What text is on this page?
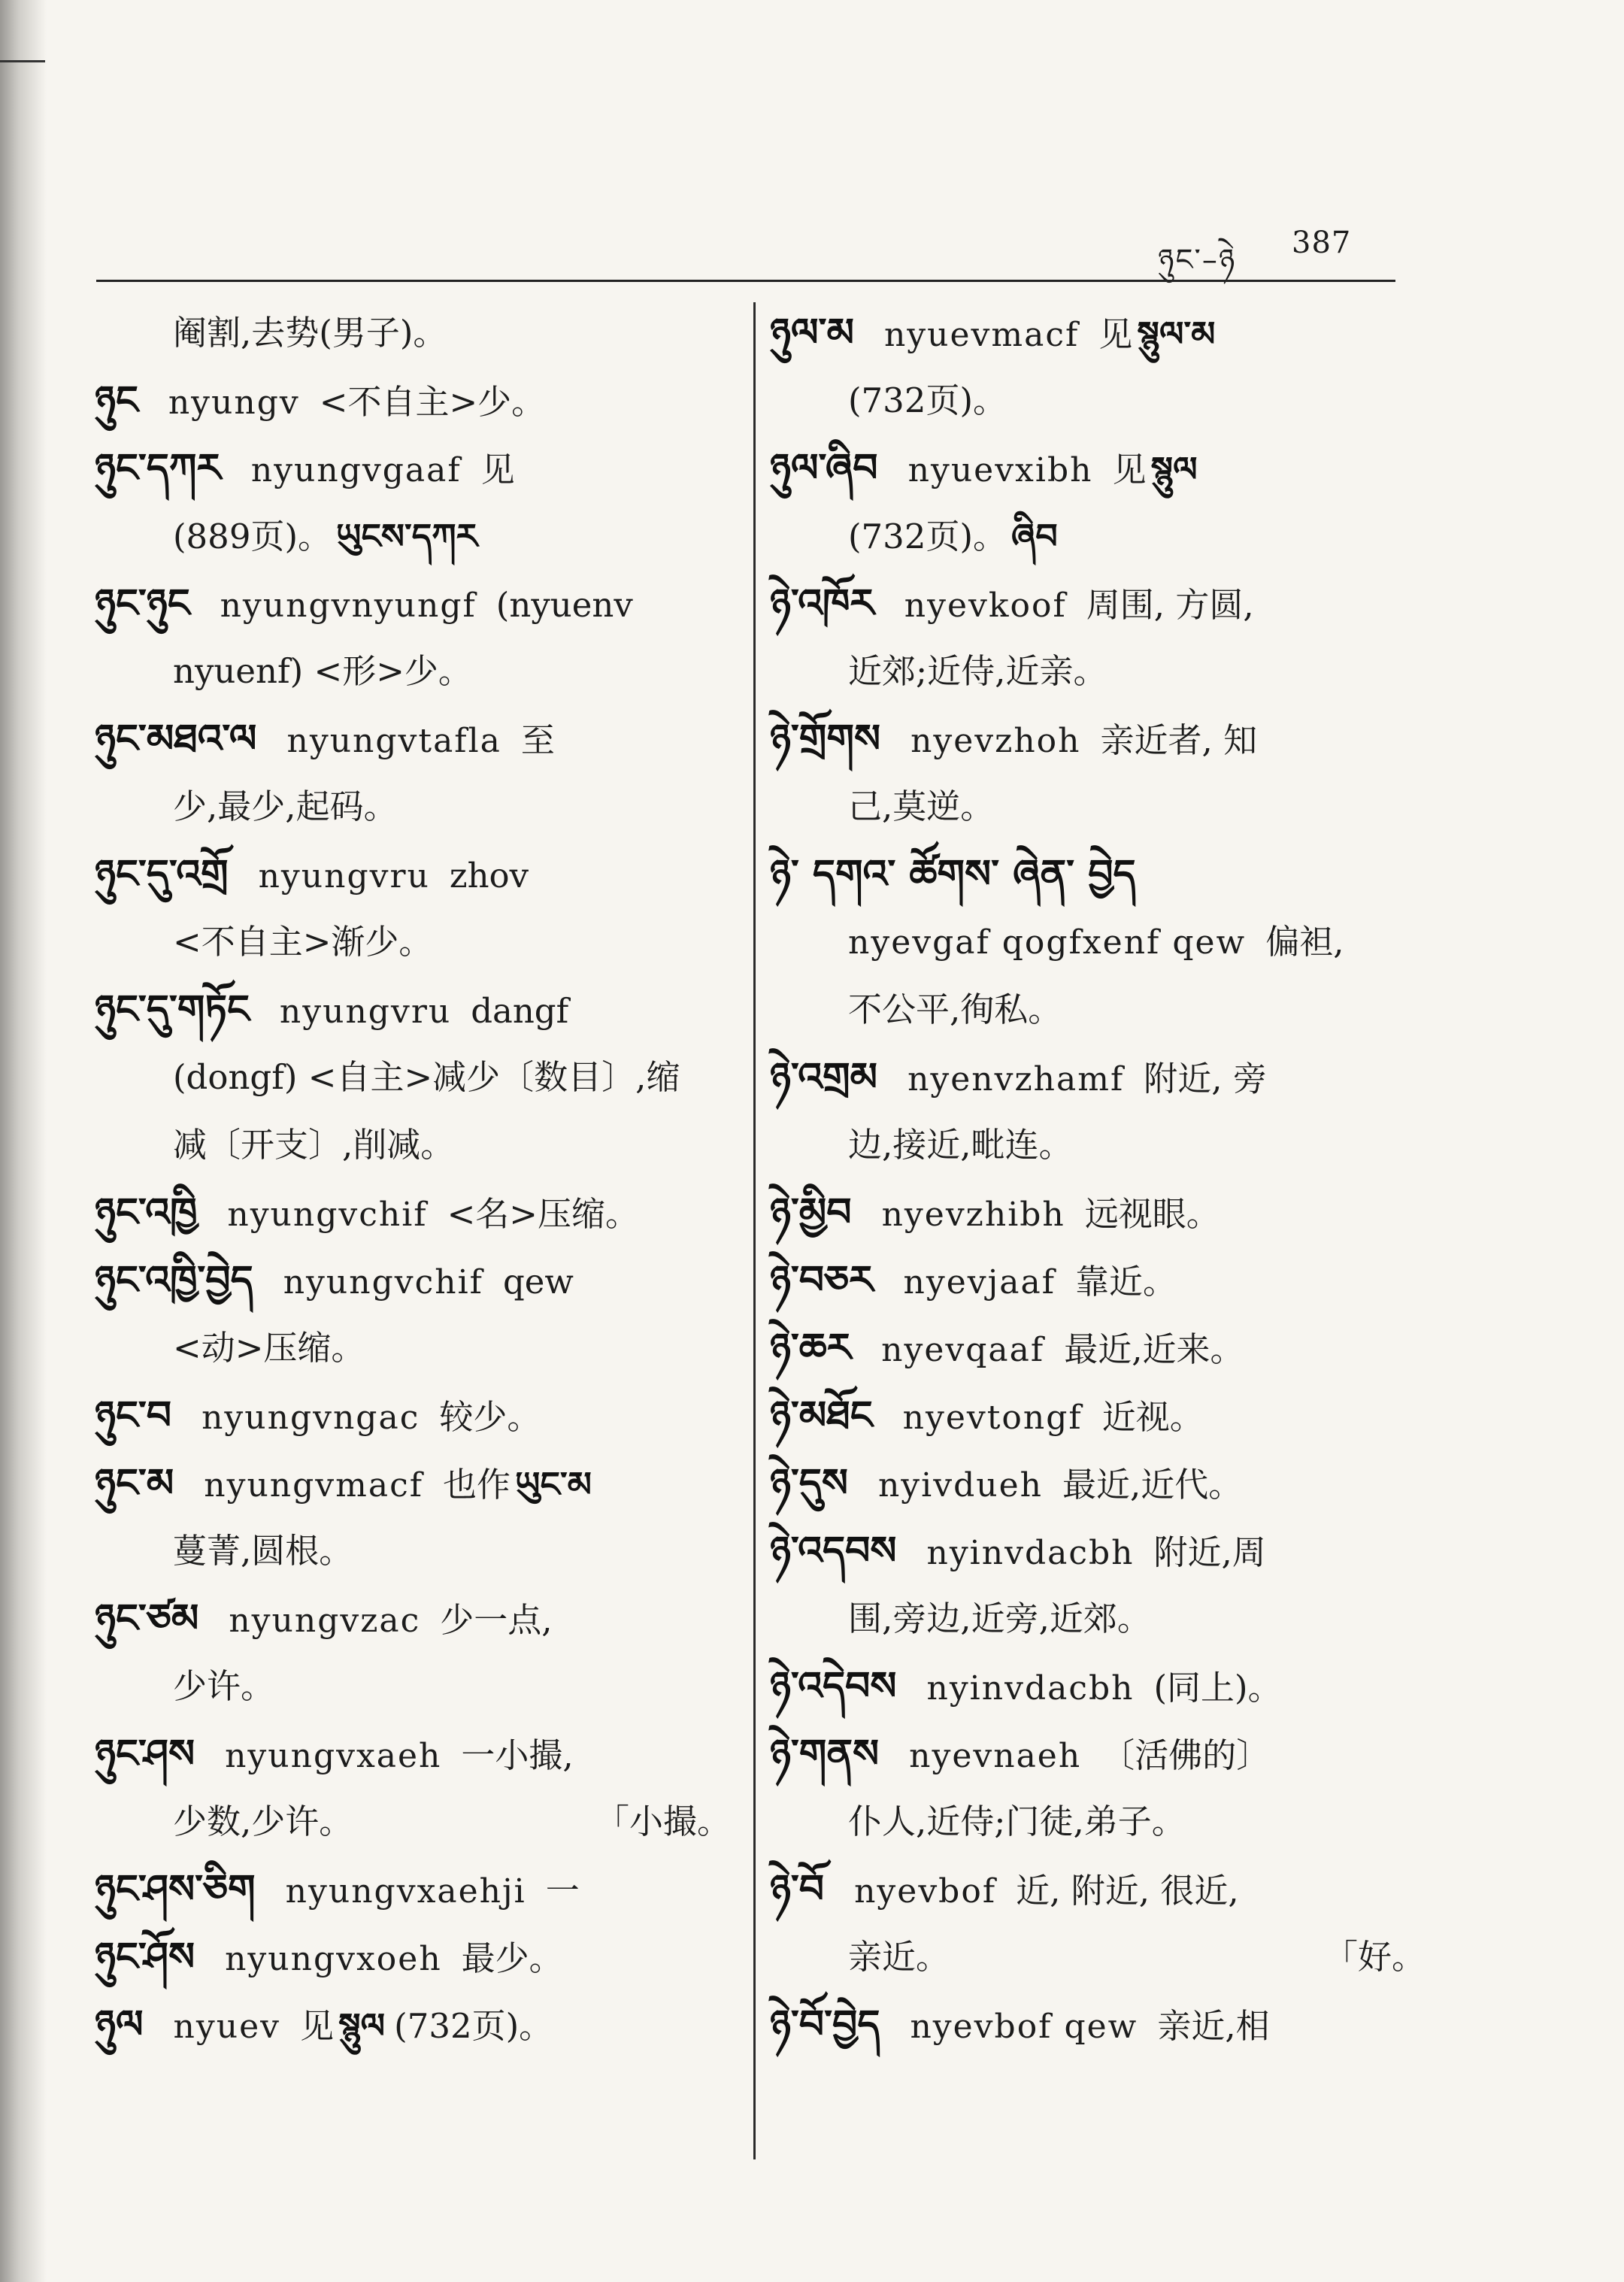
ཉུང་–ཉེ 387
阉割,去势(男子)。
ཉུང nyungv <不自主>少。
ཉུང་དཀར nyungvgaaf 见
(889页)。 ཡུངས་དཀར
ཉུང་ཉུང nyungvnyungf (nyuenv
nyuenf) <形>少。
ཉུང་མཐའ་ལ nyungvtafla 至
少,最少,起码。
ཉུང་དུ་འགྲོ nyungvru zhov
<不自主>渐少。
ཉུང་དུ་གཏོང nyungvru dangf
(dongf) <自主>减少〔数目〕,缩
减〔开支〕,削减。
ཉུང་འཁྱི nyungvchif <名>压缩。
ཉུང་འཁྱི་བྱེད nyungvchif qew
<动>压缩。
ཉུང་བ nyungvngac 较少。
ཉུང་མ nyungvmacf 也作 ཡུང་མ
蔓菁,圆根。
ཉུང་ཙམ nyungvzac 少一点,
少许。
ཉུང་ཤས nyungvxaeh 一小撮,
少数,少许。	「小撮。
ཉུང་ཤས་ཅིག nyungvxaehji 一
ཉུང་ཤོས nyungvxoeh 最少。
ཉུལ nyuev 见 སྙུལ (732页)。
ཉུལ་མ nyuevmacf 见 སྙུལ་མ
(732页)。
ཉུལ་ཞིབ nyuevxibh 见 སྙུལ
(732页)。 ཞིབ
ཉེ་འཁོར nyevkoof 周围, 方圆,
近郊;近侍,近亲。
ཉེ་གྲོགས nyevzhoh 亲近者, 知
己,莫逆。
ཉེ་ དགའ་ ཚོགས་ ཞེན་ བྱེད
nyevgaf qogfxenf qew 偏袒,
不公平,徇私。
ཉེ་འགྲམ nyenvzhamf 附近, 旁
边,接近,毗连。
ཉེ་མྱིབ nyevzhibh 远视眼。
ཉེ་བཅར nyevjaaf 靠近。
ཉེ་ཆར nyevqaaf 最近,近来。
ཉེ་མཐོང nyevtongf 近视。
ཉེ་དུས nyivdueh 最近,近代。
ཉེ་འདབས nyinvdacbh 附近,周
围,旁边,近旁,近郊。
ཉེ་འདེབས nyinvdacbh (同上)。
ཉེ་གནས nyevnaeh 〔活佛的〕
仆人,近侍;门徒,弟子。
ཉེ་བོ nyevbof 近, 附近, 很近,
亲近。	「好。
ཉེ་བོ་བྱེད nyevbof qew 亲近,相
